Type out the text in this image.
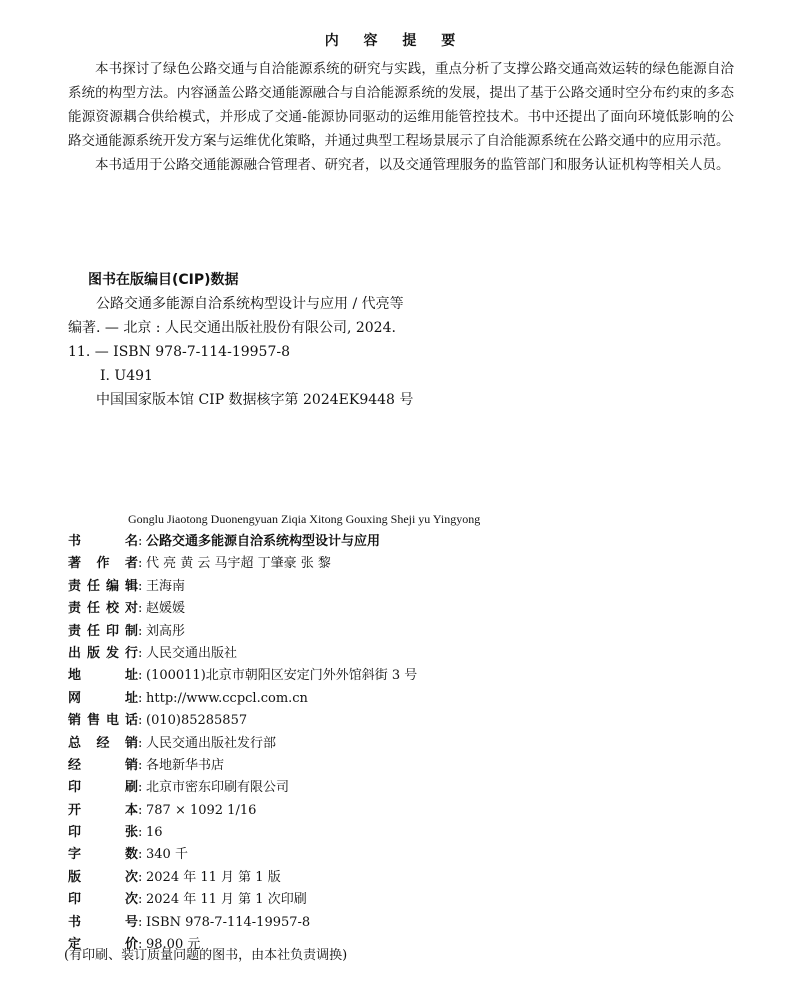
内 容 提 要

本书探讨了绿色公路交通与自洽能源系统的研究与实践，重点分析了支撑公路交通高效运转的绿色能源自洽系统的构型方法。内容涵盖公路交通能源融合与自洽能源系统的发展，提出了基于公路交通时空分布约束的多态能源资源耦合供给模式，并形成了交通-能源协同驱动的运维用能管控技术。书中还提出了面向环境低影响的公路交通能源系统开发方案与运维优化策略，并通过典型工程场景展示了自洽能源系统在公路交通中的应用示范。

本书适用于公路交通能源融合管理者、研究者，以及交通管理服务的监管部门和服务认证机构等相关人员。

图书在版编目(CIP)数据
公路交通多能源自洽系统构型设计与应用 / 代亮等
编著. — 北京 : 人民交通出版社股份有限公司, 2024.
11. — ISBN 978-7-114-19957-8
Ⅰ. U491
中国国家版本馆 CIP 数据核字第 2024EK9448 号
Gonglu Jiaotong Duonengyuan Ziqia Xitong Gouxing Sheji yu Yingyong
书 名 : 公路交通多能源自洽系统构型设计与应用
著 作 者 : 代 亮 黄 云 马宇超 丁肇豪 张 黎
责任编辑 : 王海南
责任校对 : 赵媛媛
责任印制 : 刘高彤
出版发行 : 人民交通出版社
地 址 : (100011)北京市朝阳区安定门外外馆斜街 3 号
网 址 : http://www.ccpcl.com.cn
销售电话 : (010)85285857
总 经 销 : 人民交通出版社发行部
经 销 : 各地新华书店
印 刷 : 北京市密东印刷有限公司
开 本 : 787 × 1092 1/16
印 张 : 16
字 数 : 340 千
版 次 : 2024 年 11 月 第 1 版
印 次 : 2024 年 11 月 第 1 次印刷
书 号 : ISBN 978-7-114-19957-8
定 价 : 98.00 元
(有印刷、装订质量问题的图书，由本社负责调换)
